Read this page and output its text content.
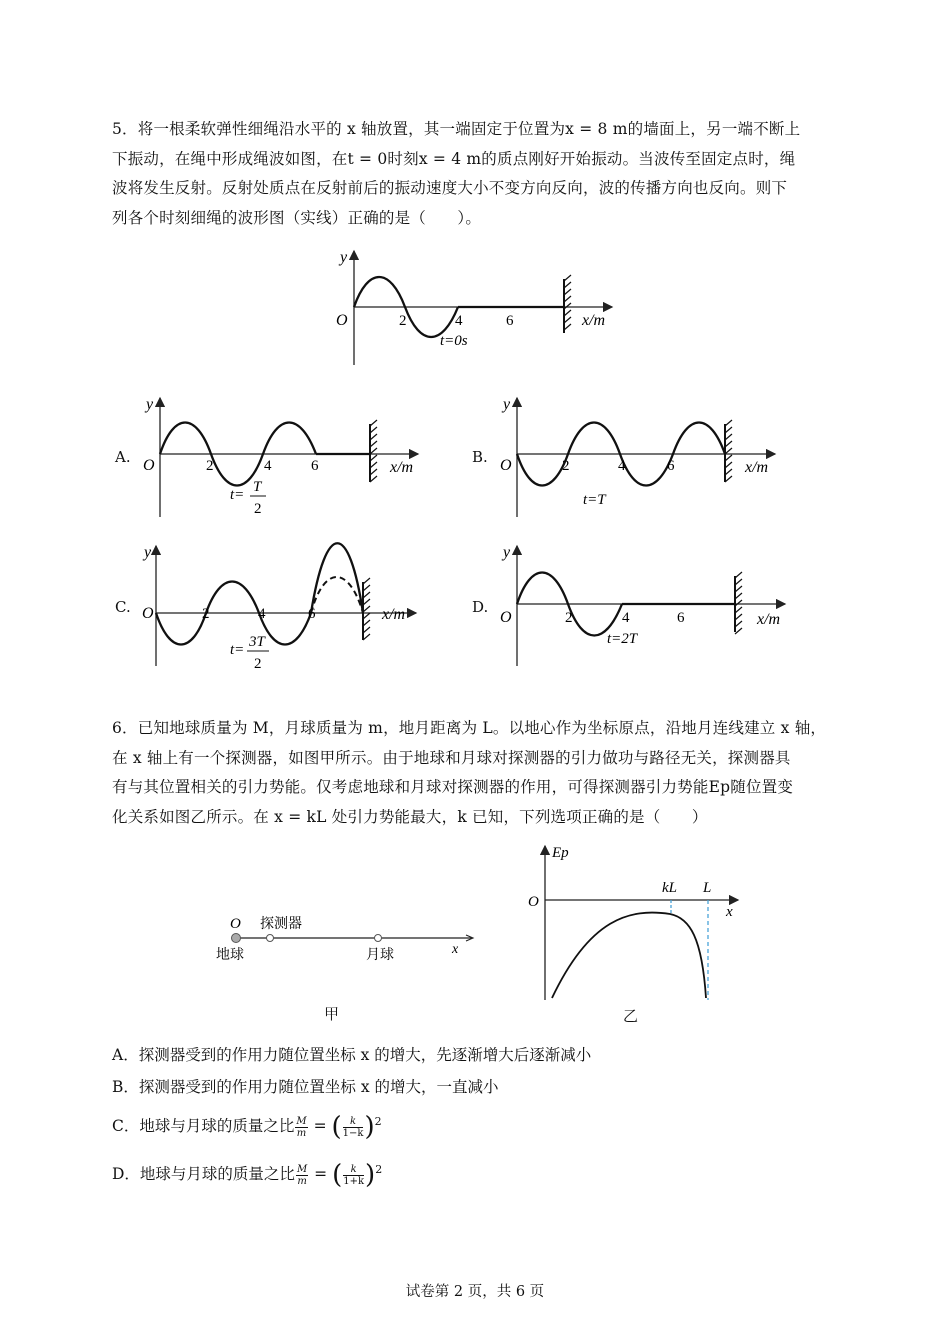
5．将一根柔软弹性细绳沿水平的 x 轴放置，其一端固定于位置为x = 8 m的墙面上，另一端不断上
下振动，在绳中形成绳波如图，在t = 0时刻x = 4 m的质点刚好开始振动。当波传至固定点时，绳
波将发生反射。反射处质点在反射前后的振动速度大小不变方向反向，波的传播方向也反向。则下
列各个时刻细绳的波形图（实线）正确的是（　　）。
y
O	2	4	6	x/m
t=0s
A.
y
O	2	4	6	x/m
t= T
2
B.
y
O	2	4	6	x/m
t=T
C.
y
O	2	4	6	x/m
t= 3T
2
D.
y
O	2	4	6	x/m
t=2T
6．已知地球质量为 M，月球质量为 m，地月距离为 L。以地心作为坐标原点，沿地月连线建立 x 轴，
在 x 轴上有一个探测器，如图甲所示。由于地球和月球对探测器的引力做功与路径无关，探测器具
有与其位置相关的引力势能。仅考虑地球和月球对探测器的作用，可得探测器引力势能Ep随位置变
化关系如图乙所示。在 x = kL 处引力势能最大，k 已知，下列选项正确的是（　　）
O 探测器
地球	月球	x
甲
Ep
O
kL L
x
乙
A．探测器受到的作用力随位置坐标 x 的增大，先逐渐增大后逐渐减小
B．探测器受到的作用力随位置坐标 x 的增大，一直减小
C．地球与月球的质量之比 $\frac{M}{m}$ = ( $\frac{k}{1-k} )^2$
D．地球与月球的质量之比 $\frac{M}{m}$ = ( $\frac{k}{1+k} )^2$
试卷第 2 页，共 6 页
